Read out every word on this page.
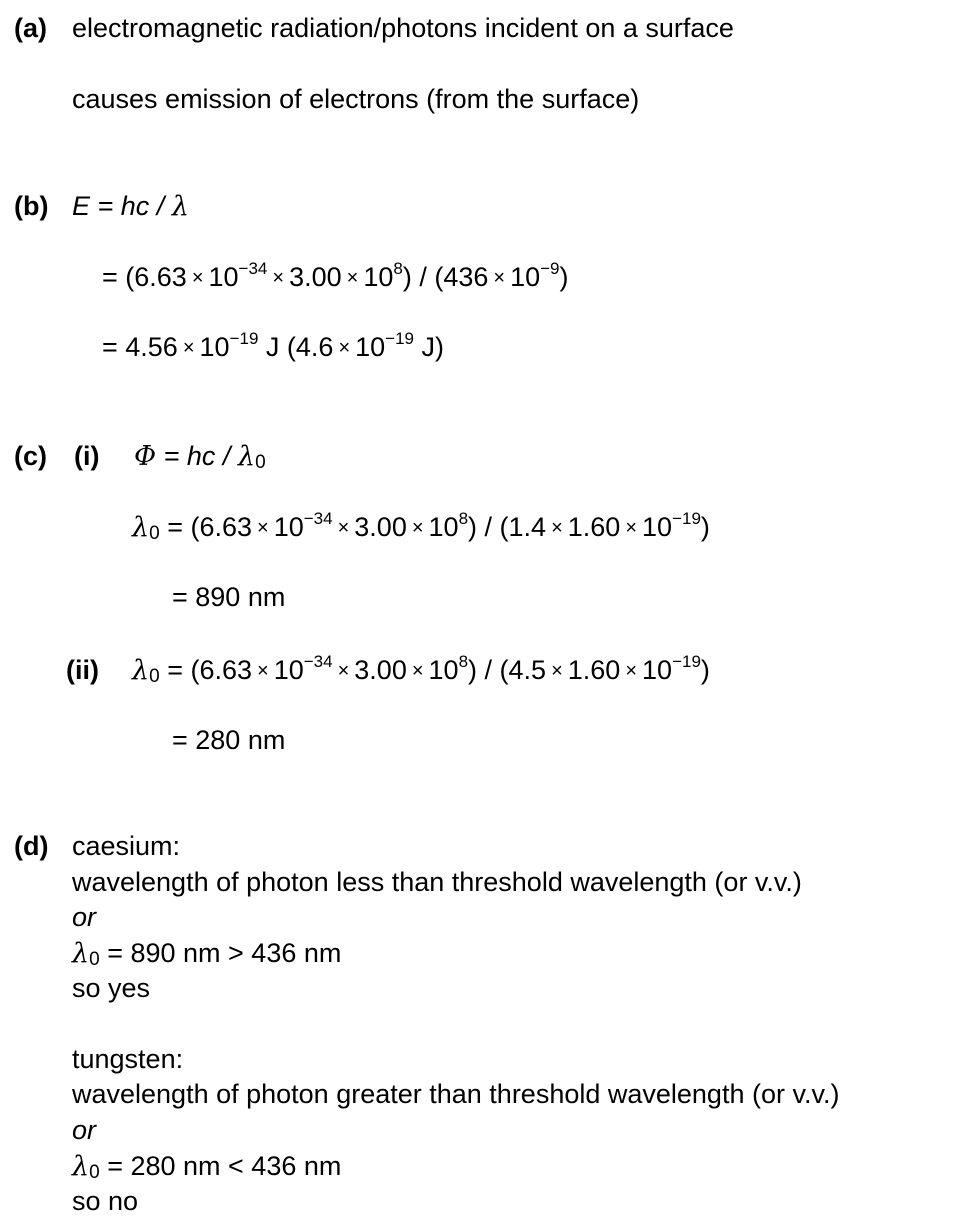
(a) electromagnetic radiation/photons incident on a surface
causes emission of electrons (from the surface)
(b) E = hc / λ
= $(6.63 \times 10^{-34} \times 3.00 \times 10^8) / (436 \times 10^{-9})$
= $4.56 \times 10^{-19}$ J ($4.6 \times 10^{-19}$ J)
(c) (i) Φ = hc / $\lambda_0$
$\lambda_0 = (6.63 \times 10^{-34} \times 3.00 \times 10^8) / (1.4 \times 1.60 \times 10^{-19})$
= 890 nm
(ii) $\lambda_0 = (6.63 \times 10^{-34} \times 3.00 \times 10^8) / (4.5 \times 1.60 \times 10^{-19})$
= 280 nm
(d) caesium:
wavelength of photon less than threshold wavelength (or v.v.)
or
$\lambda_0 = 890$ nm > 436 nm
so yes
tungsten:
wavelength of photon greater than threshold wavelength (or v.v.)
or
$\lambda_0 = 280$ nm < 436 nm
so no
